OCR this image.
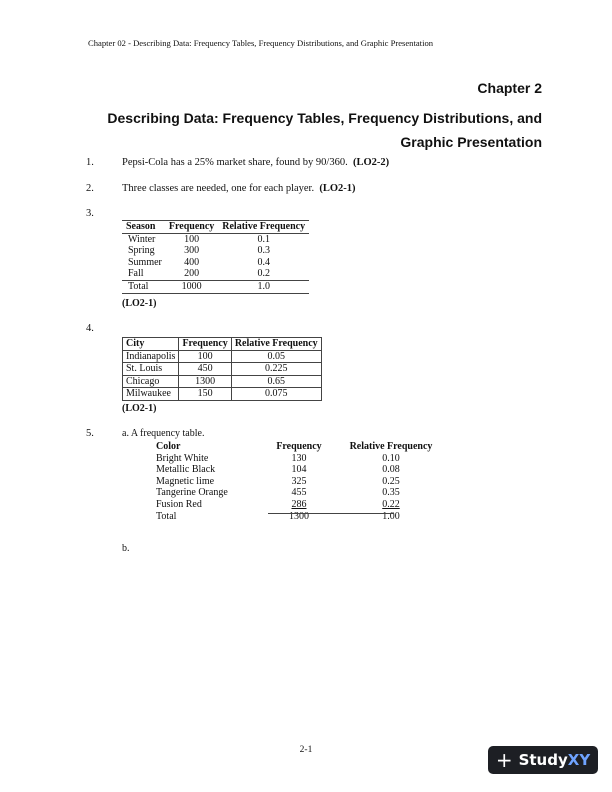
Chapter 02 - Describing Data: Frequency Tables, Frequency Distributions, and Graphic Presentation
Chapter 2
Describing Data: Frequency Tables, Frequency Distributions, and
Graphic Presentation
1.	Pepsi-Cola has a 25% market share, found by 90/360. (LO2-2)
2.	Three classes are needed, one for each player. (LO2-1)
3.
Season	Frequency	Relative Frequency
Winter	100	0.1
Spring	300	0.3
Summer	400	0.4
Fall	200	0.2
Total	1000	1.0
(LO2-1)
4.
City	Frequency	Relative Frequency
Indianapolis	100	0.05
St. Louis	450	0.225
Chicago	1300	0.65
Milwaukee	150	0.075
(LO2-1)
5.	a. A frequency table.
Color	Frequency	Relative Frequency
Bright White	130	0.10
Metallic Black	104	0.08
Magnetic lime	325	0.25
Tangerine Orange	455	0.35
Fusion Red	286	0.22
Total	1300	1.00
b.
2-1	+ Study XY
